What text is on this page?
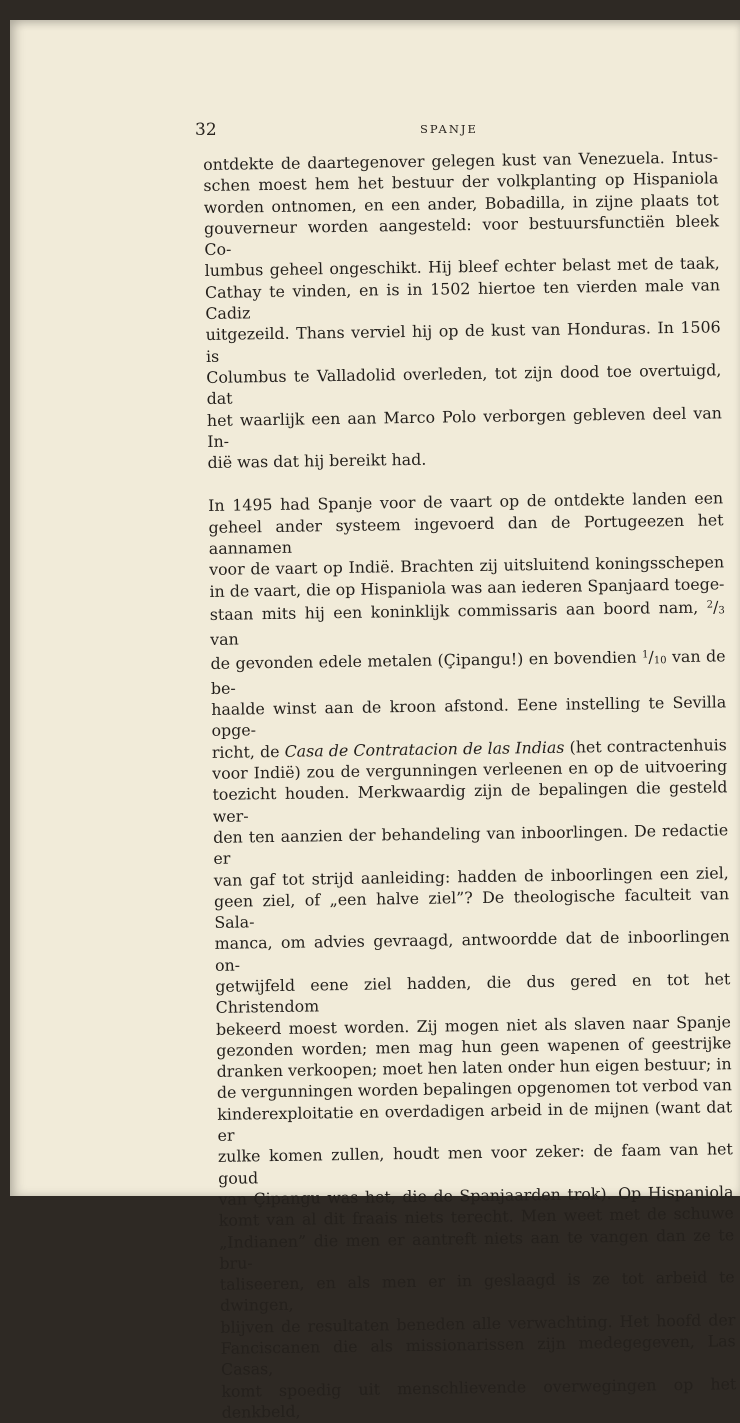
32	SPANJE

ontdekte de daartegenover gelegen kust van Venezuela. Intus-
schen moest hem het bestuur der volkplanting op Hispaniola
worden ontnomen, en een ander, Bobadilla, in zijne plaats tot
gouverneur worden aangesteld: voor bestuursfunctiën bleek Co-
lumbus geheel ongeschikt. Hij bleef echter belast met de taak,
Cathay te vinden, en is in 1502 hiertoe ten vierden male van Cadiz
uitgezeild. Thans verviel hij op de kust van Honduras. In 1506 is
Columbus te Valladolid overleden, tot zijn dood toe overtuigd, dat
het waarlijk een aan Marco Polo verborgen gebleven deel van In-
dië was dat hij bereikt had.

In 1495 had Spanje voor de vaart op de ontdekte landen een
geheel ander systeem ingevoerd dan de Portugeezen het aannamen
voor de vaart op Indië. Brachten zij uitsluitend koningsschepen
in de vaart, die op Hispaniola was aan iederen Spanjaard toege-
staan mits hij een koninklijk commissaris aan boord nam, $^2/_3$ van
de gevonden edele metalen (Çipangu!) en bovendien $^1/_{10}$ van de be-
haalde winst aan de kroon afstond. Eene instelling te Sevilla opge-
richt, de Casa de Contratacion de las Indias (het contractenhuis
voor Indië) zou de vergunningen verleenen en op de uitvoering
toezicht houden. Merkwaardig zijn de bepalingen die gesteld wer-
den ten aanzien der behandeling van inboorlingen. De redactie er
van gaf tot strijd aanleiding: hadden de inboorlingen een ziel,
geen ziel, of „een halve ziel”? De theologische faculteit van Sala-
manca, om advies gevraagd, antwoordde dat de inboorlingen on-
getwijfeld eene ziel hadden, die dus gered en tot het Christendom
bekeerd moest worden. Zij mogen niet als slaven naar Spanje
gezonden worden; men mag hun geen wapenen of geestrijke
dranken verkoopen; moet hen laten onder hun eigen bestuur; in
de vergunningen worden bepalingen opgenomen tot verbod van
kinderexploitatie en overdadigen arbeid in de mijnen (want dat er
zulke komen zullen, houdt men voor zeker: de faam van het goud
van Çipangu was het, die de Spanjaarden trok). Op Hispaniola
komt van al dit fraais niets terecht. Men weet met de schuwe
„Indianen” die men er aantreft niets aan te vangen dan ze te bru-
taliseeren, en als men er in geslaagd is ze tot arbeid te dwingen,
blijven de resultaten beneden alle verwachting. Het hoofd der
Fanciscanen die als missionarissen zijn medegegeven, Las Casas,
komt spoedig uit menschlievende overwegingen op het denkbeld,
